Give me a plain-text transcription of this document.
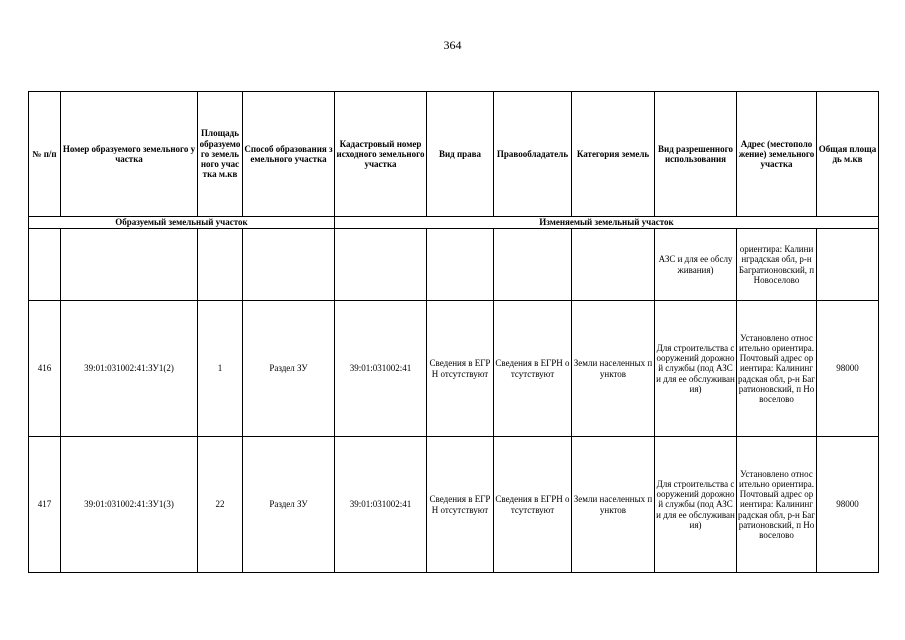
364
№ п/п	Номер образуемого земельного участка	Площадь образуемого земельного участка м.кв	Способ образования земельного участка	Кадастровый номер исходного земельного участка	Вид права	Правообладатель	Категория земель	Вид разрешенного использования	Адрес (местоположение) земельного участка	Общая площадь м.кв
Образуемый земельный участок				Изменяемый земельный участок						
								АЗС и для ее обслуживания)	ориентира: Калининградская обл, р-н Багратионовский, п Новоселово	
416	39:01:031002:41:ЗУ1(2)	1	Раздел ЗУ	39:01:031002:41	Сведения в ЕГРН отсутствуют	Сведения в ЕГРН отсутствуют	Земли населенных пунктов	Для строительства сооружений дорожной службы (под АЗС и для ее обслуживания)	Установлено относительно ориентира. Почтовый адрес ориентира: Калининградская обл, р-н Багратионовский, п Новоселово	98000
417	39:01:031002:41:ЗУ1(3)	22	Раздел ЗУ	39:01:031002:41	Сведения в ЕГРН отсутствуют	Сведения в ЕГРН отсутствуют	Земли населенных пунктов	Для строительства сооружений дорожной службы (под АЗС и для ее обслуживания)	Установлено относительно ориентира. Почтовый адрес ориентира: Калининградская обл, р-н Багратионовский, п Новоселово	98000
